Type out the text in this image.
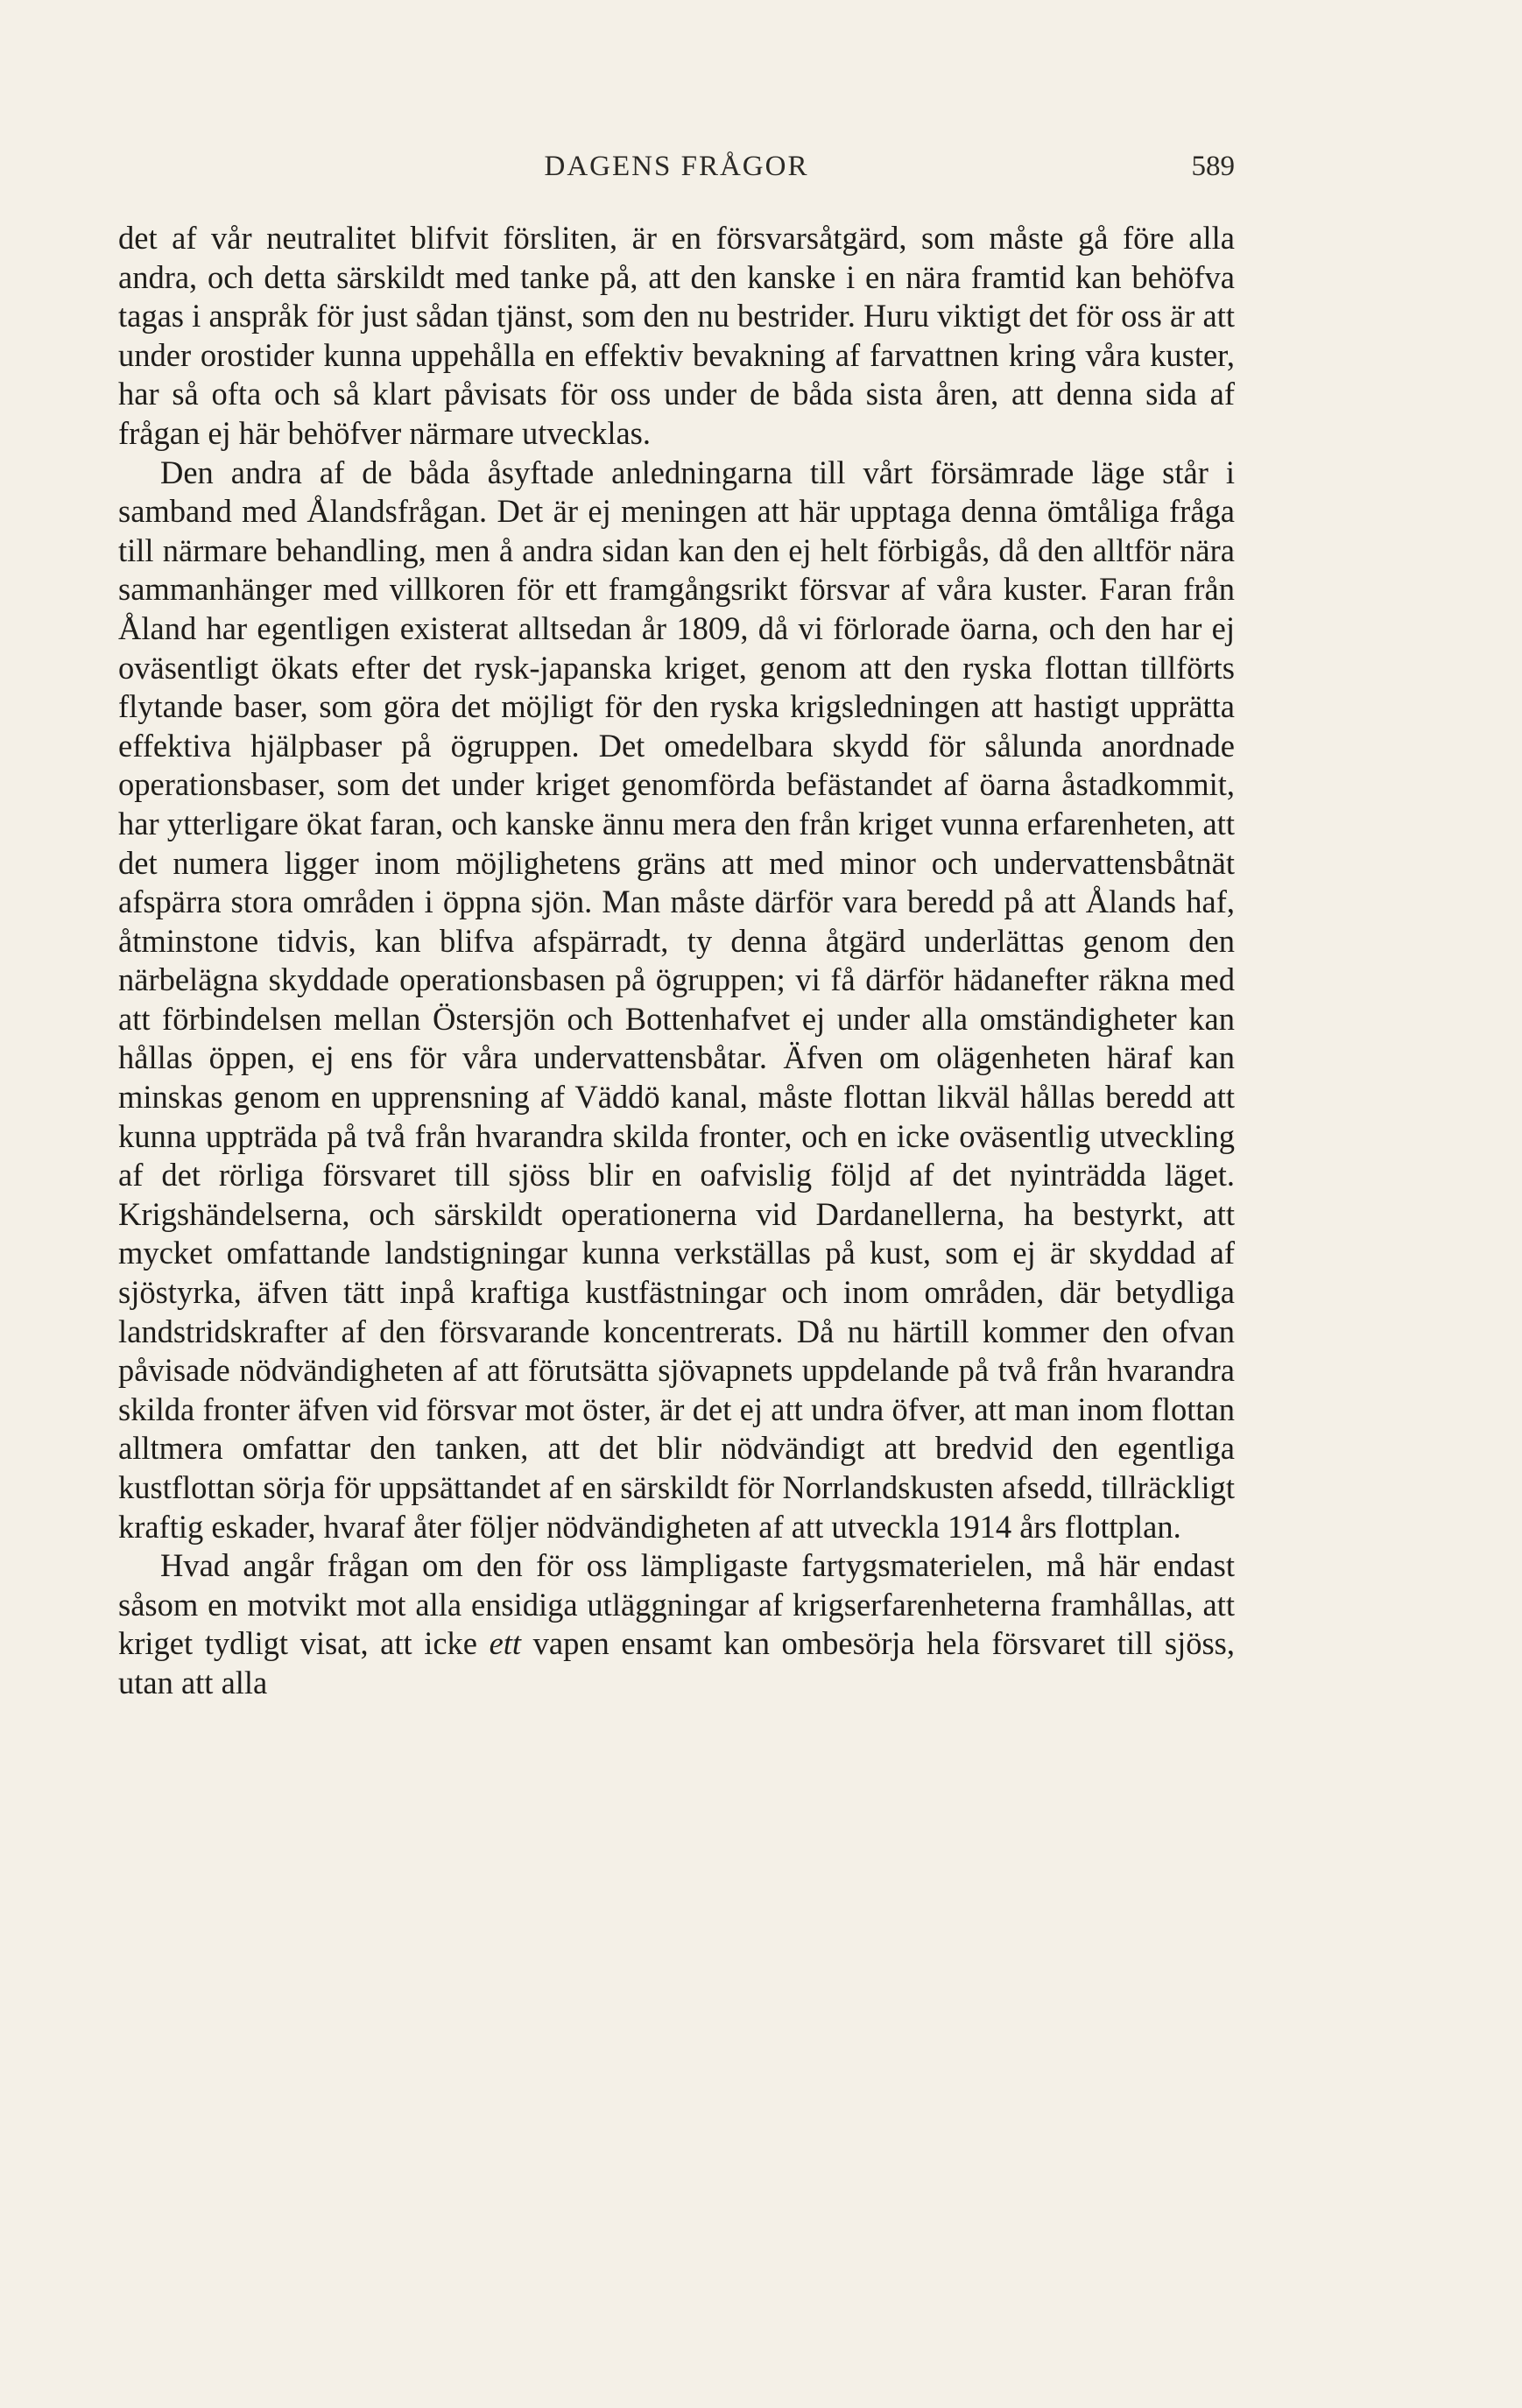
DAGENS FRÅGOR	589

det af vår neutralitet blifvit försliten, är en försvarsåtgärd, som måste gå före alla andra, och detta särskildt med tanke på, att den kanske i en nära framtid kan behöfva tagas i anspråk för just sådan tjänst, som den nu bestrider. Huru viktigt det för oss är att under orostider kunna uppehålla en effektiv bevakning af farvattnen kring våra kuster, har så ofta och så klart påvisats för oss under de båda sista åren, att denna sida af frågan ej här behöfver närmare utvecklas.

Den andra af de båda åsyftade anledningarna till vårt försämrade läge står i samband med Ålandsfrågan. Det är ej meningen att här upptaga denna ömtåliga fråga till närmare behandling, men å andra sidan kan den ej helt förbigås, då den alltför nära sammanhänger med villkoren för ett framgångsrikt försvar af våra kuster. Faran från Åland har egentligen existerat alltsedan år 1809, då vi förlorade öarna, och den har ej oväsentligt ökats efter det rysk-japanska kriget, genom att den ryska flottan tillförts flytande baser, som göra det möjligt för den ryska krigsledningen att hastigt upprätta effektiva hjälpbaser på ögruppen. Det omedelbara skydd för sålunda anordnade operationsbaser, som det under kriget genomförda befästandet af öarna åstadkommit, har ytterligare ökat faran, och kanske ännu mera den från kriget vunna erfarenheten, att det numera ligger inom möjlighetens gräns att med minor och undervattensbåtnät afspärra stora områden i öppna sjön. Man måste därför vara beredd på att Ålands haf, åtminstone tidvis, kan blifva afspärradt, ty denna åtgärd underlättas genom den närbelägna skyddade operationsbasen på ögruppen; vi få därför hädanefter räkna med att förbindelsen mellan Östersjön och Bottenhafvet ej under alla omständigheter kan hållas öppen, ej ens för våra undervattensbåtar. Äfven om olägenheten häraf kan minskas genom en upprensning af Väddö kanal, måste flottan likväl hållas beredd att kunna uppträda på två från hvarandra skilda fronter, och en icke oväsentlig utveckling af det rörliga försvaret till sjöss blir en oafvislig följd af det nyinträdda läget. Krigshändelserna, och särskildt operationerna vid Dardanellerna, ha bestyrkt, att mycket omfattande landstigningar kunna verkställas på kust, som ej är skyddad af sjöstyrka, äfven tätt inpå kraftiga kustfästningar och inom områden, där betydliga landstridskrafter af den försvarande koncentrerats. Då nu härtill kommer den ofvan påvisade nödvändigheten af att förutsätta sjövapnets uppdelande på två från hvarandra skilda fronter äfven vid försvar mot öster, är det ej att undra öfver, att man inom flottan alltmera omfattar den tanken, att det blir nödvändigt att bredvid den egentliga kustflottan sörja för uppsättandet af en särskildt för Norrlandskusten afsedd, tillräckligt kraftig eskader, hvaraf åter följer nödvändigheten af att utveckla 1914 års flottplan.

Hvad angår frågan om den för oss lämpligaste fartygsmaterielen, må här endast såsom en motvikt mot alla ensidiga utläggningar af krigserfarenheterna framhållas, att kriget tydligt visat, att icke ett vapen ensamt kan ombesörja hela försvaret till sjöss, utan att alla
